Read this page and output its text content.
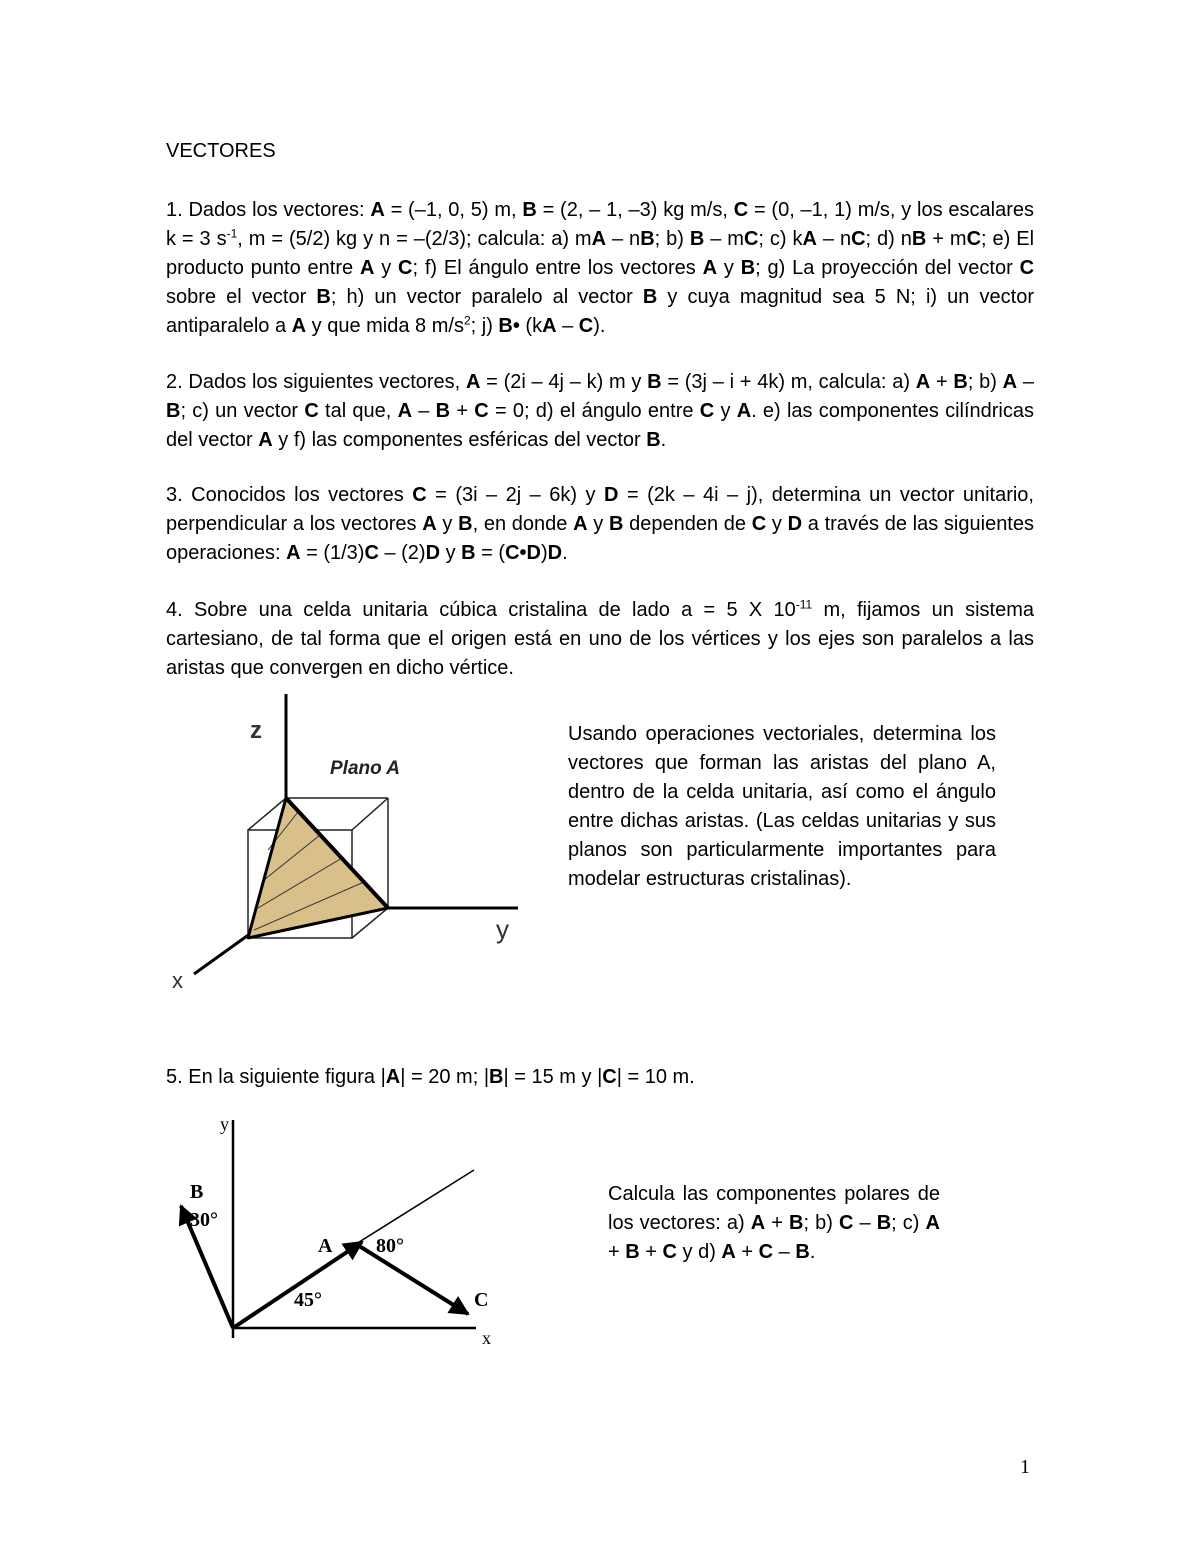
VECTORES
1. Dados los vectores: A = (–1, 0, 5) m, B = (2, – 1, –3) kg m/s, C = (0, –1, 1) m/s, y los escalares k = 3 $s^{-1}$, m = (5/2) kg y n = –(2/3); calcula: a) mA – nB; b) B – mC; c) kA – nC; d) nB + mC; e) El producto punto entre A y C; f) El ángulo entre los vectores A y B; g) La proyección del vector C sobre el vector B; h) un vector paralelo al vector B y cuya magnitud sea 5 N; i) un vector antiparalelo a A y que mida 8 $m/s^2$; j) B• (kA – C).
2. Dados los siguientes vectores, A = (2i – 4j – k) m y B = (3j – i + 4k) m, calcula: a) A + B; b) A – B; c) un vector C tal que, A – B + C = 0; d) el ángulo entre C y A. e) las componentes cilíndricas del vector A y f) las componentes esféricas del vector B.
3. Conocidos los vectores C = (3i – 2j – 6k) y D = (2k – 4i – j), determina un vector unitario, perpendicular a los vectores A y B, en donde A y B dependen de C y D a través de las siguientes operaciones: A = (1/3)C – (2)D y B = (C•D)D.
4. Sobre una celda unitaria cúbica cristalina de lado a = 5 X $10^{-11}$ m, fijamos un sistema cartesiano, de tal forma que el origen está en uno de los vértices y los ejes son paralelos a las aristas que convergen en dicho vértice.
z
Plano A
y
x
Usando operaciones vectoriales, determina los vectores que forman las aristas del plano A, dentro de la celda unitaria, así como el ángulo entre dichas aristas. (Las celdas unitarias y sus planos son particularmente importantes para modelar estructuras cristalinas).
5. En la siguiente figura |A| = 20 m; |B| = 15 m y |C| = 10 m.
y
x
B
30°
A 80°
45°	C
Calcula las componentes polares de los vectores: a) A + B; b) C – B; c) A + B + C y d) A + C – B.
1
